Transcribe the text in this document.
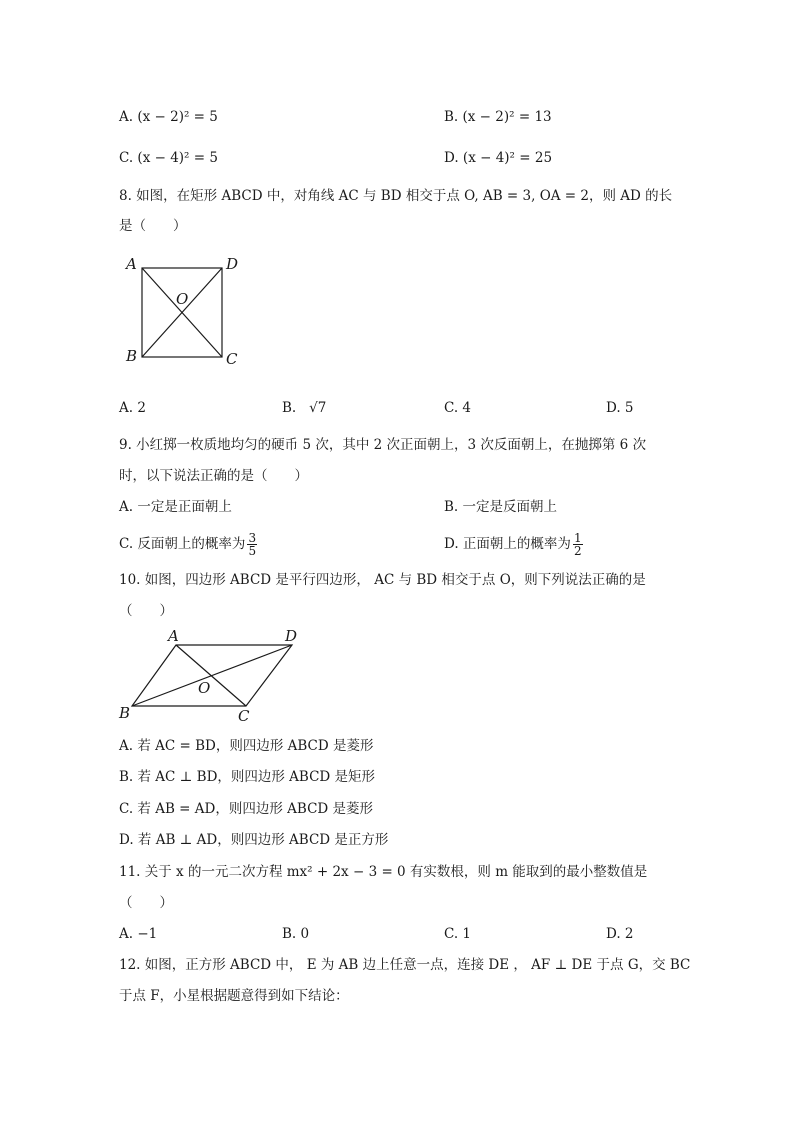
A. (x − 2)² = 5	B. (x − 2)² = 13
C. (x − 4)² = 5	D. (x − 4)² = 25
8. 如图，在矩形 ABCD 中，对角线 AC 与 BD 相交于点 O, AB = 3, OA = 2，则 AD 的长
是（　　）
A	D
B	C
O
A. 2	B. √7	C. 4	D. 5
9. 小红掷一枚质地均匀的硬币 5 次，其中 2 次正面朝上，3 次反面朝上，在抛掷第 6 次
时，以下说法正确的是（　　）
A. 一定是正面朝上	B. 一定是反面朝上
C. 反面朝上的概率为 $\frac{3}{5}$	D. 正面朝上的概率为 $\frac{1}{2}$
10. 如图，四边形 ABCD 是平行四边形， AC 与 BD 相交于点 O，则下列说法正确的是
（　　）
A	D
B	C
O
A. 若 AC = BD，则四边形 ABCD 是菱形
B. 若 AC ⊥ BD，则四边形 ABCD 是矩形
C. 若 AB = AD，则四边形 ABCD 是菱形
D. 若 AB ⊥ AD，则四边形 ABCD 是正方形
11. 关于 x 的一元二次方程 mx² + 2x − 3 = 0 有实数根，则 m 能取到的最小整数值是
（　　）
A. −1	B. 0	C. 1	D. 2
12. 如图，正方形 ABCD 中， E 为 AB 边上任意一点，连接 DE ， AF ⊥ DE 于点 G，交 BC
于点 F，小星根据题意得到如下结论：
